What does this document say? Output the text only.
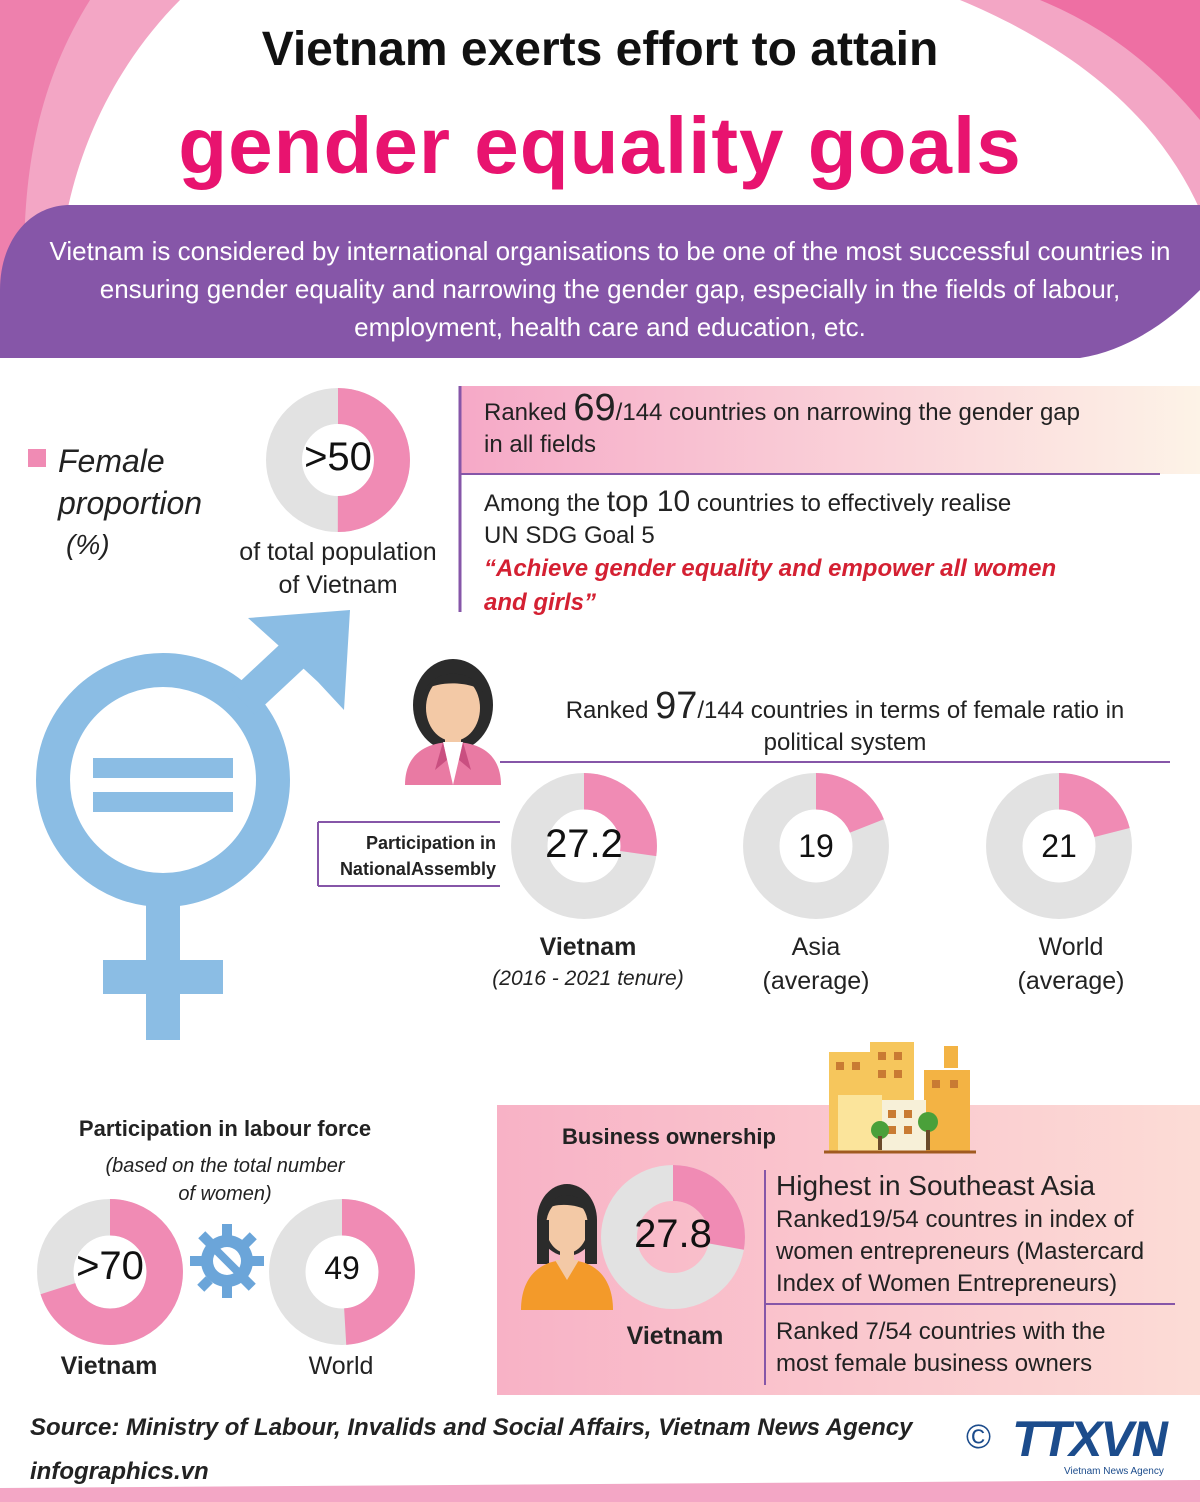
Vietnam exerts effort to attain
gender equality goals
Vietnam is considered by international organisations to be one of the most successful countries in ensuring gender equality and narrowing the gender gap, especially in the fields of labour, employment, health care and education, etc.
Female
proportion
(%)
>50
of total population
of Vietnam
Ranked 69/144 countries on narrowing the gender gap
in all fields
Among the top 10 countries to effectively realise
UN SDG Goal 5
“Achieve gender equality and empower all women
and girls”
Ranked 97/144 countries in terms of female ratio in
political system
Participation in
NationalAssembly
27.2
Vietnam
(2016 - 2021 tenure)
19
Asia
(average)
21
World
(average)
Participation in labour force
(based on the total number
of women)
>70
Vietnam
49
World
Business ownership
27.8
Vietnam
Highest in Southeast Asia
Ranked19/54 countres in index of
women entrepreneurs (Mastercard
Index of Women Entrepreneurs)
Ranked 7/54 countries with the
most female business owners
Source: Ministry of Labour, Invalids and Social Affairs, Vietnam News Agency
infographics.vn
© TTXVN
Vietnam News Agency
